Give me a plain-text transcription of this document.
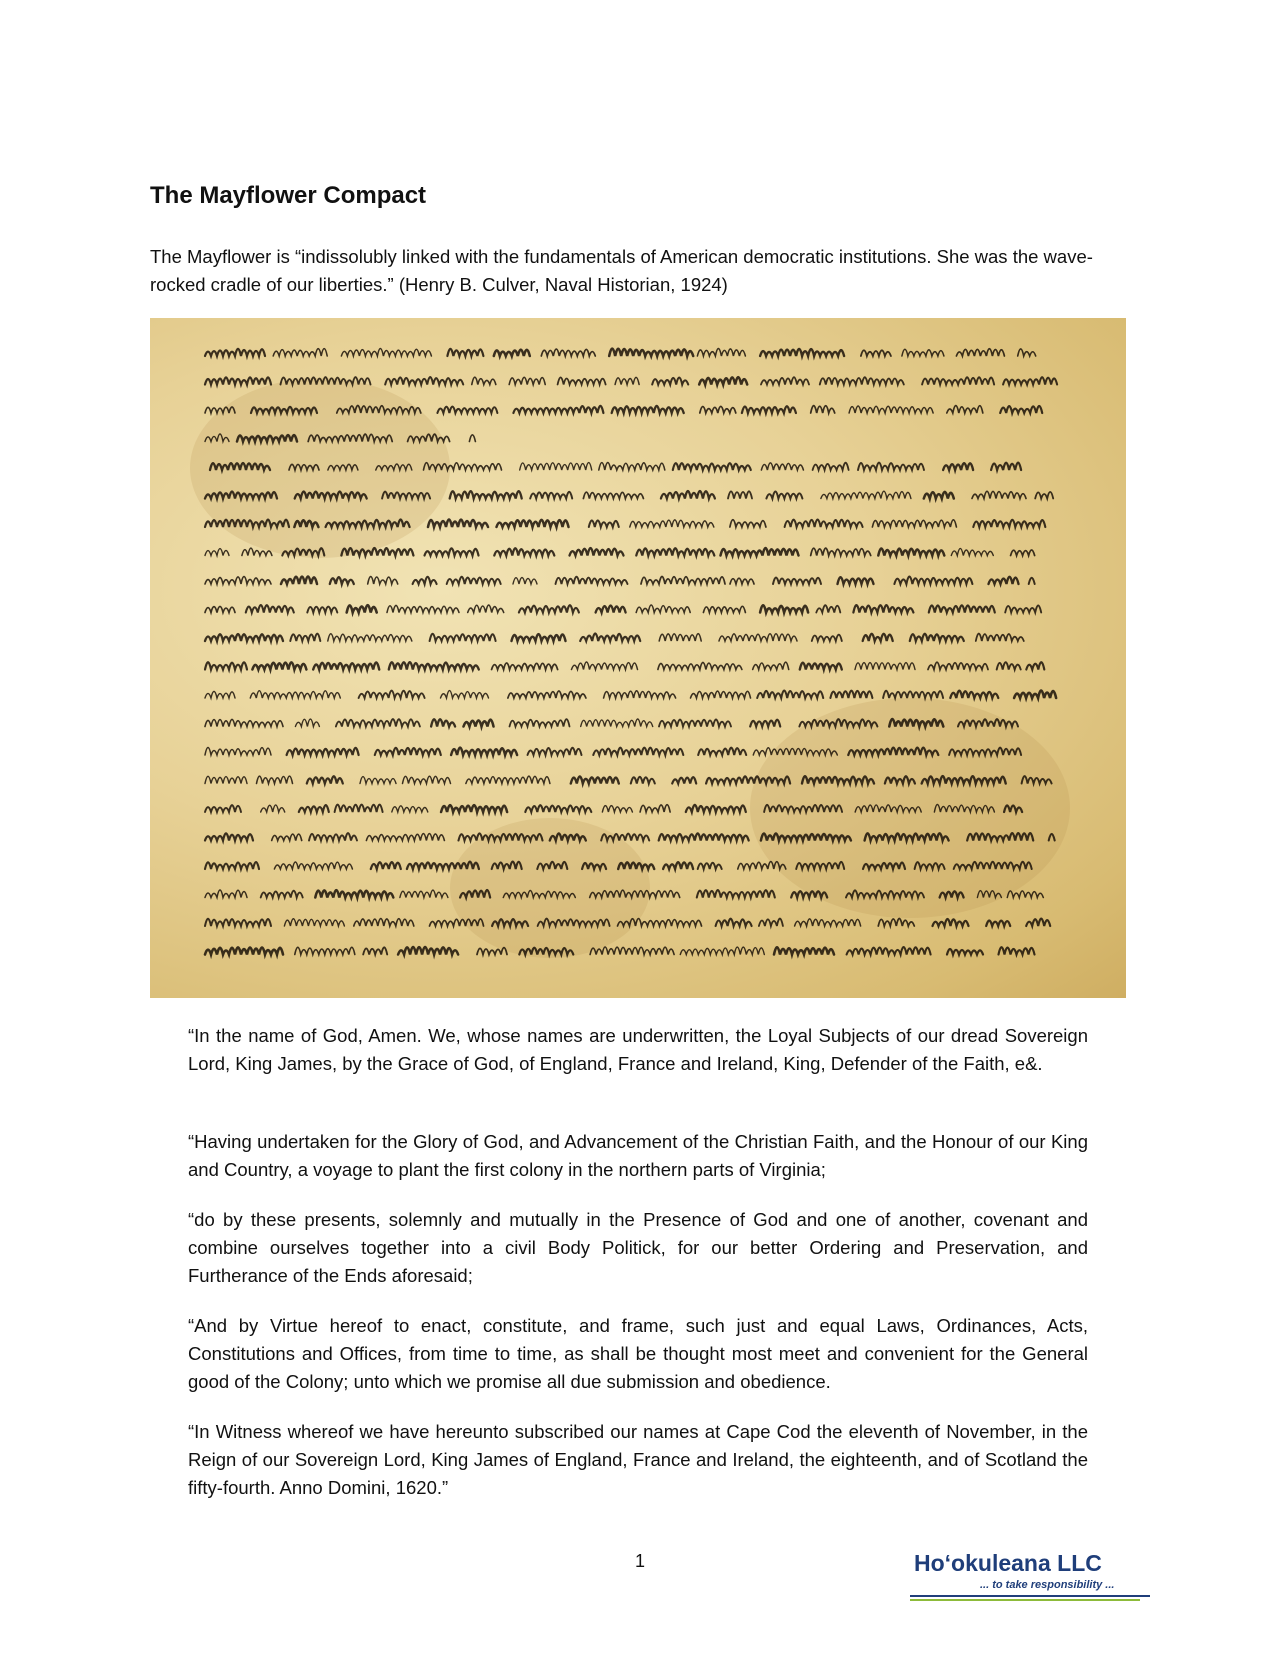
The Mayflower Compact

The Mayflower is “indissolubly linked with the fundamentals of American democratic institutions. She was the wave-rocked cradle of our liberties.” (Henry B. Culver, Naval Historian, 1924)

“In the name of God, Amen. We, whose names are underwritten, the Loyal Subjects of our dread Sovereign Lord, King James, by the Grace of God, of England, France and Ireland, King, Defender of the Faith, e&.

“Having undertaken for the Glory of God, and Advancement of the Christian Faith, and the Honour of our King and Country, a voyage to plant the first colony in the northern parts of Virginia;

“do by these presents, solemnly and mutually in the Presence of God and one of another, covenant and combine ourselves together into a civil Body Politick, for our better Ordering and Preservation, and Furtherance of the Ends aforesaid;

“And by Virtue hereof to enact, constitute, and frame, such just and equal Laws, Ordinances, Acts, Constitutions and Offices, from time to time, as shall be thought most meet and convenient for the General good of the Colony; unto which we promise all due submission and obedience.

“In Witness whereof we have hereunto subscribed our names at Cape Cod the eleventh of November, in the Reign of our Sovereign Lord, King James of England, France and Ireland, the eighteenth, and of Scotland the fifty-fourth. Anno Domini, 1620.”

1	Hoʻokuleana LLC
... to take responsibility ...
